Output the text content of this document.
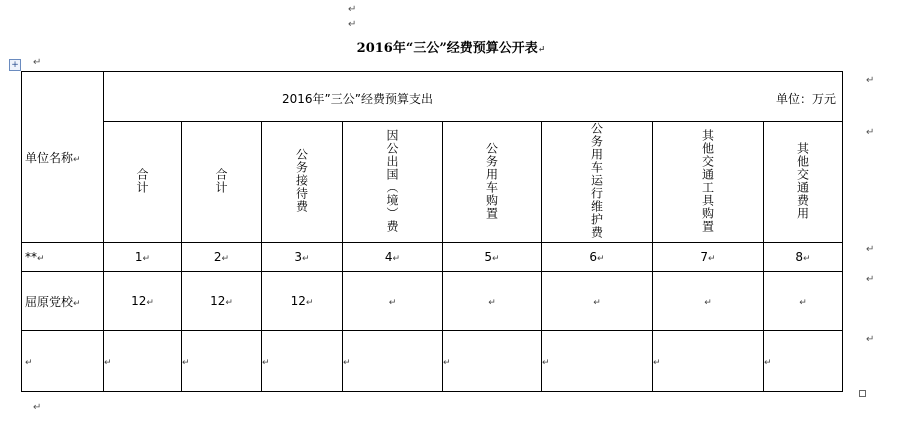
↵
↵
2016年“三公”经费预算公开表↵
+ ↵
单位名称↵	2016年”三公”经费预算支出 单位：万元							

	合计	合计	公务接待费	因公出国（境）费	公务用车购置	公务用车运行维护费	其他交通工具购置	其他交通费用
**↵	1↵	2↵	3↵	4↵	5↵	6↵	7↵	8↵
屈原党校↵	12↵	12↵	12↵	↵	↵	↵	↵	↵
↵	↵	↵	↵	↵	↵	↵	↵	↵
↵
↵
↵
↵
↵
↵
